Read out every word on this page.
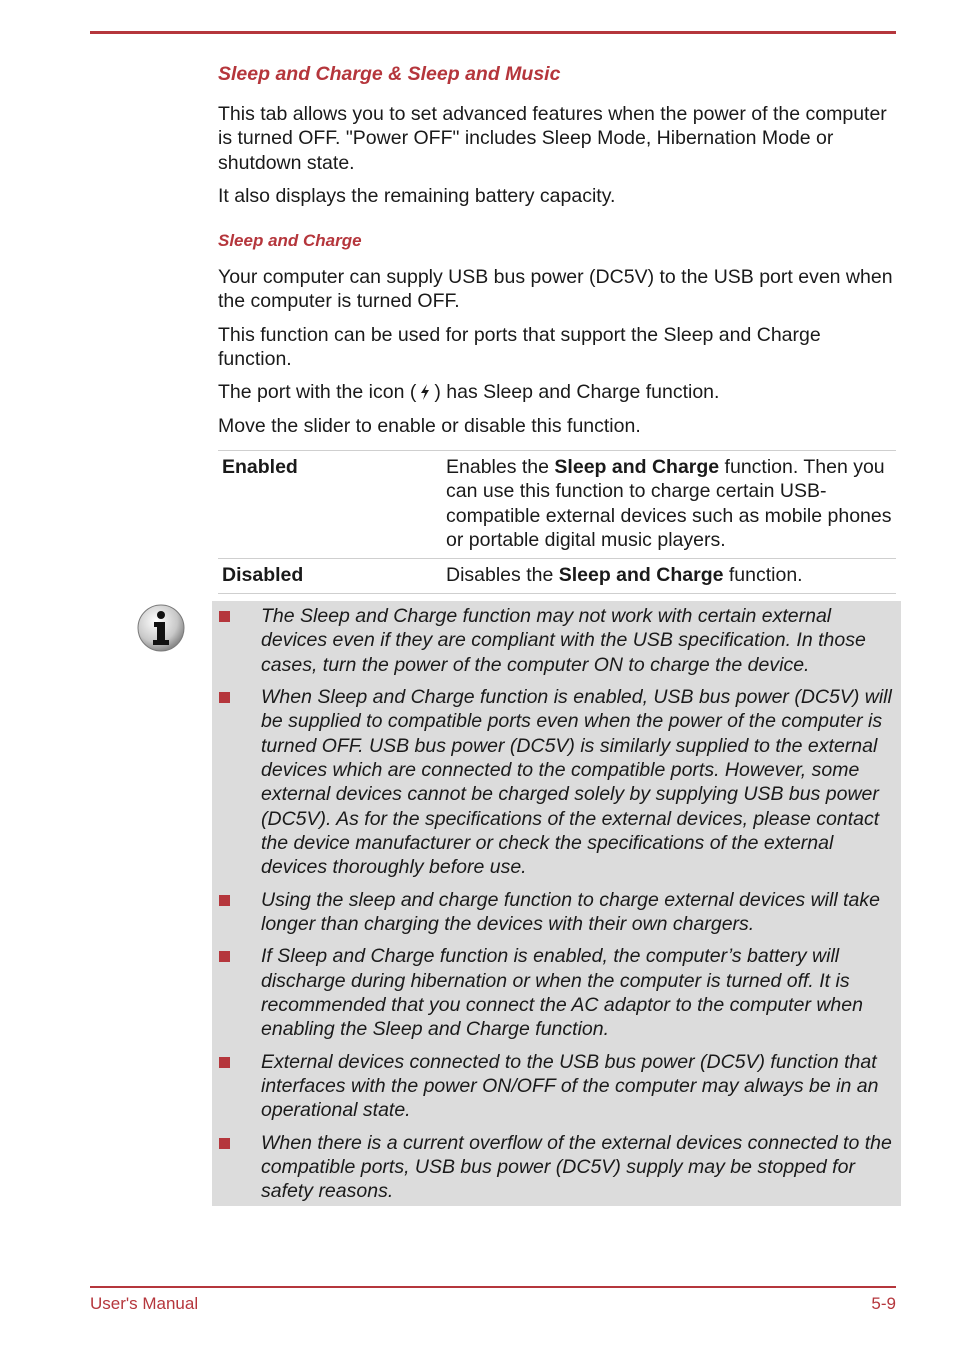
Sleep and Charge & Sleep and Music

This tab allows you to set advanced features when the power of the computer is turned OFF. "Power OFF" includes Sleep Mode, Hibernation Mode or shutdown state.

It also displays the remaining battery capacity.

Sleep and Charge

Your computer can supply USB bus power (DC5V) to the USB port even when the computer is turned OFF.

This function can be used for ports that support the Sleep and Charge function.

The port with the icon ( ) has Sleep and Charge function.

Move the slider to enable or disable this function.

Enabled	Enables the Sleep and Charge function. Then you can use this function to charge certain USB-compatible external devices such as mobile phones or portable digital music players.
Disabled	Disables the Sleep and Charge function.
The Sleep and Charge function may not work with certain external devices even if they are compliant with the USB specification. In those cases, turn the power of the computer ON to charge the device.
When Sleep and Charge function is enabled, USB bus power (DC5V) will be supplied to compatible ports even when the power of the computer is turned OFF. USB bus power (DC5V) is similarly supplied to the external devices which are connected to the compatible ports. However, some external devices cannot be charged solely by supplying USB bus power (DC5V). As for the specifications of the external devices, please contact the device manufacturer or check the specifications of the external devices thoroughly before use.
Using the sleep and charge function to charge external devices will take longer than charging the devices with their own chargers.
If Sleep and Charge function is enabled, the computer’s battery will discharge during hibernation or when the computer is turned off. It is recommended that you connect the AC adaptor to the computer when enabling the Sleep and Charge function.
External devices connected to the USB bus power (DC5V) function that interfaces with the power ON/OFF of the computer may always be in an operational state.
When there is a current overflow of the external devices connected to the compatible ports, USB bus power (DC5V) supply may be stopped for safety reasons.
User's Manual	5-9
